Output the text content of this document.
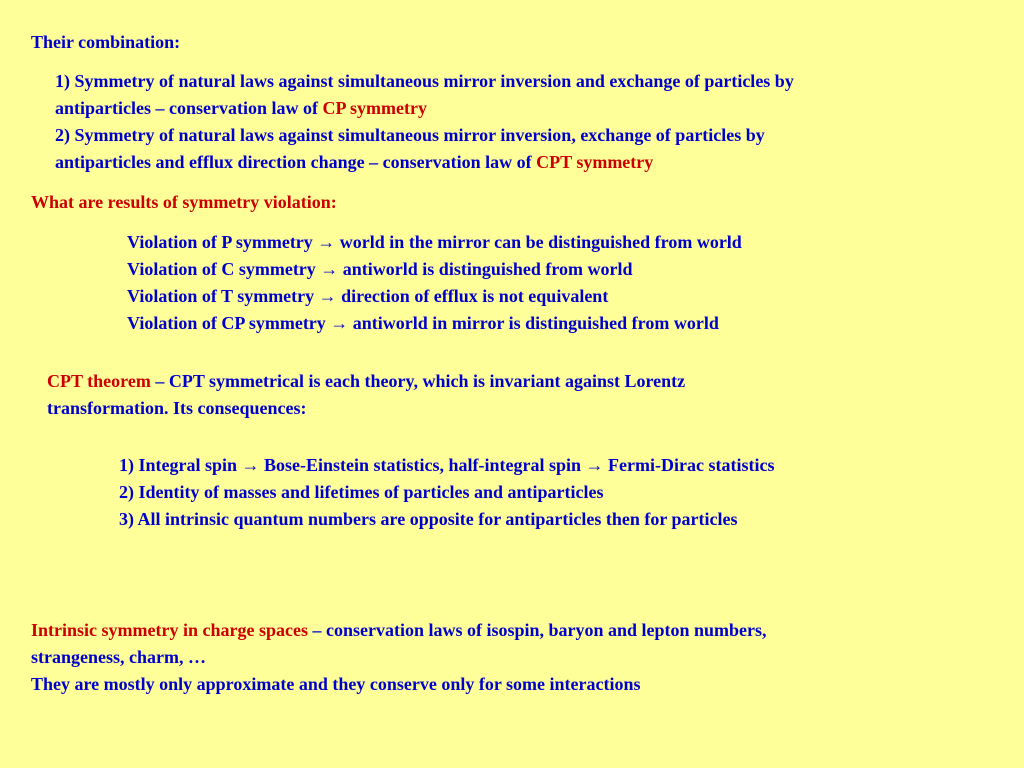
Their combination:
1) Symmetry of natural laws against simultaneous mirror inversion and exchange of particles by
antiparticles – conservation law of CP symmetry
2) Symmetry of natural laws against simultaneous mirror inversion, exchange of particles by
antiparticles and efflux direction change – conservation law of CPT symmetry
What are results of symmetry violation:
Violation of P symmetry → world in the mirror can be distinguished from world
Violation of C symmetry → antiworld is distinguished from world
Violation of T symmetry → direction of efflux is not equivalent
Violation of CP symmetry → antiworld in mirror is distinguished from world
CPT theorem – CPT symmetrical is each theory, which is invariant against Lorentz
transformation. Its consequences:
1) Integral spin → Bose-Einstein statistics, half-integral spin → Fermi-Dirac statistics
2) Identity of masses and lifetimes of particles and antiparticles
3) All intrinsic quantum numbers are opposite for antiparticles then for particles
Intrinsic symmetry in charge spaces – conservation laws of isospin, baryon and lepton numbers,
strangeness, charm, …
They are mostly only approximate and they conserve only for some interactions
